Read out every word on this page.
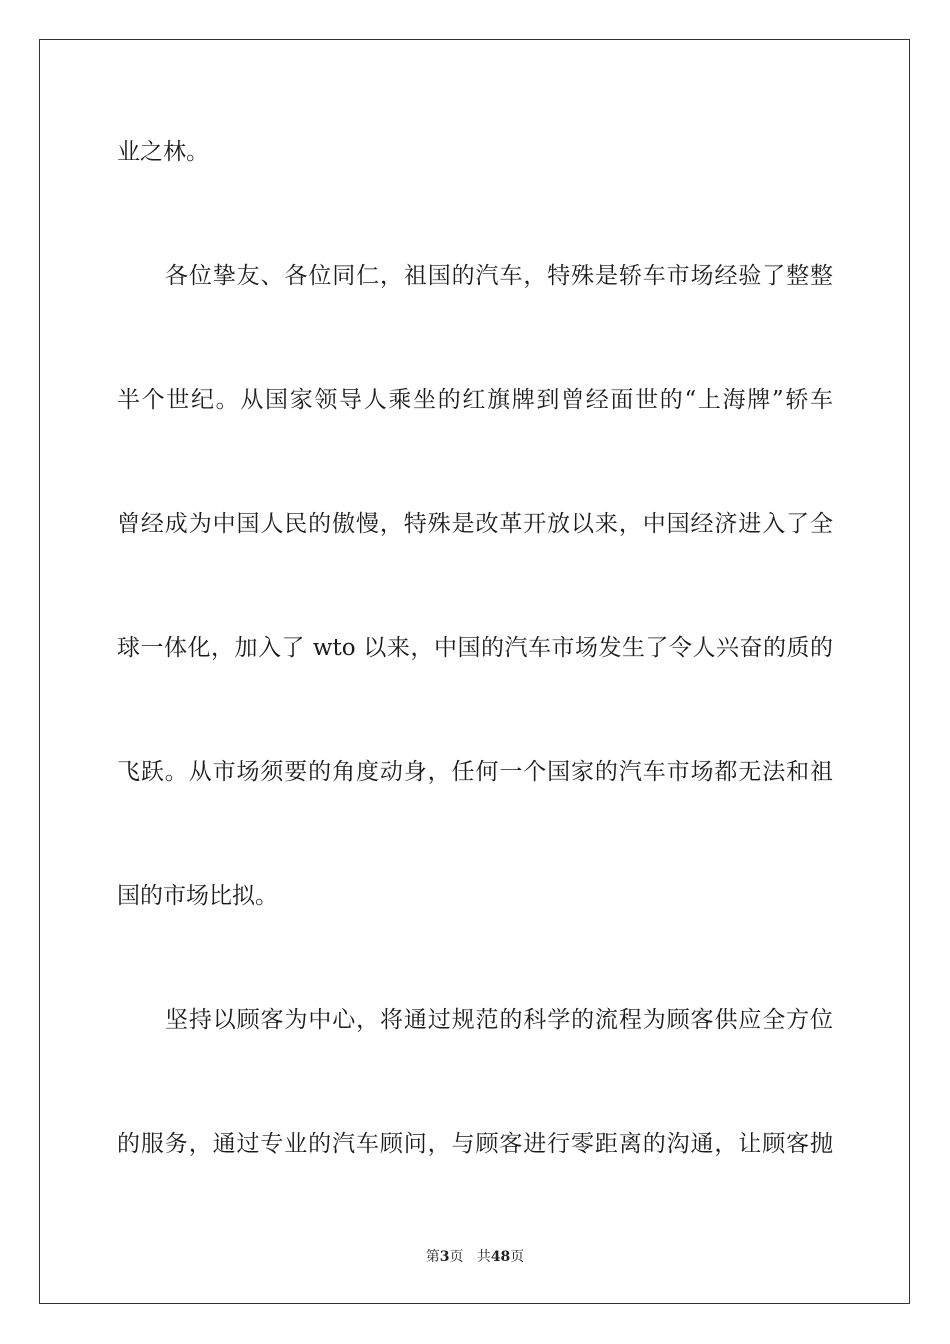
业之林。
各位挚友、各位同仁，祖国的汽车，特殊是轿车市场经验了整整
半个世纪。从国家领导人乘坐的红旗牌到曾经面世的“上海牌”轿车
曾经成为中国人民的傲慢，特殊是改革开放以来，中国经济进入了全
球一体化，加入了 wto 以来，中国的汽车市场发生了令人兴奋的质的
飞跃。从市场须要的角度动身，任何一个国家的汽车市场都无法和祖
国的市场比拟。
坚持以顾客为中心，将通过规范的科学的流程为顾客供应全方位
的服务，通过专业的汽车顾问，与顾客进行零距离的沟通，让顾客抛
第3页 共48页
